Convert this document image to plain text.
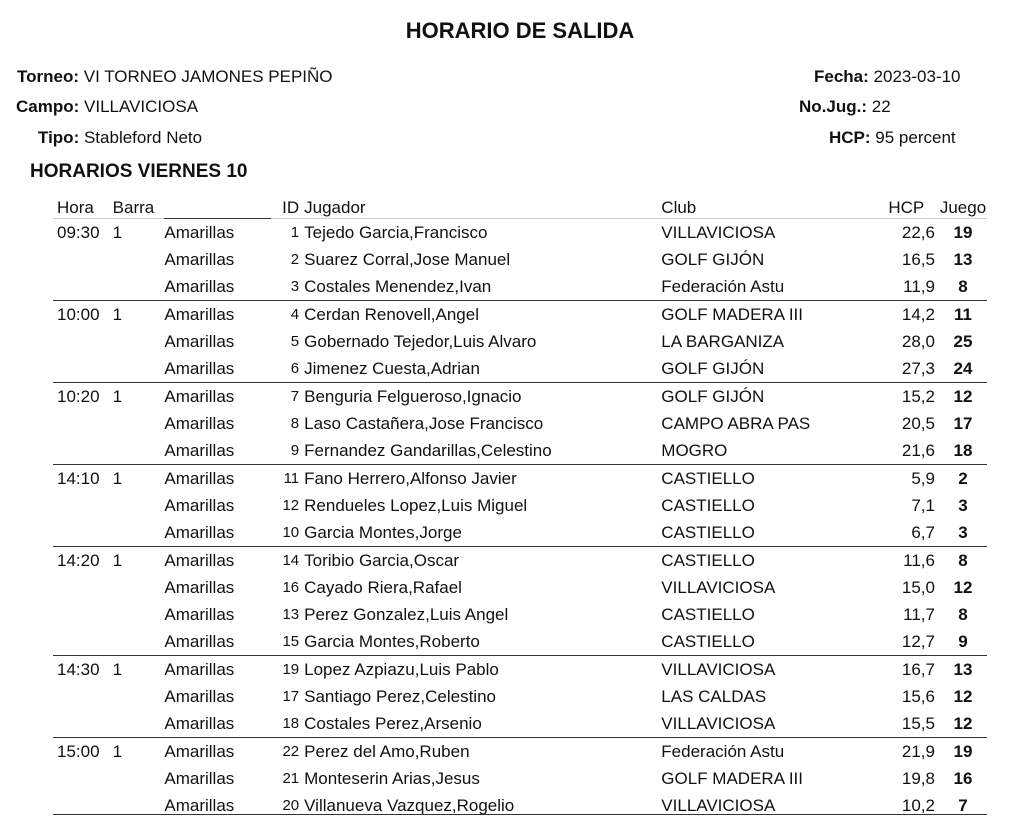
HORARIO DE SALIDA
Torneo: VI TORNEO JAMONES PEPIÑO
Campo: VILLAVICIOSA
Tipo: Stableford Neto
Fecha: 2023-03-10
No.Jug.: 22
HCP: 95 percent
HORARIOS VIERNES 10
Hora	Barra		ID	Jugador	Club	HCP	Juego
09:30	1	Amarillas	1	Tejedo Garcia,Francisco	VILLAVICIOSA	22,6	19
		Amarillas	2	Suarez Corral,Jose Manuel	GOLF GIJÓN	16,5	13
		Amarillas	3	Costales Menendez,Ivan	Federación Astu	11,9	8
10:00	1	Amarillas	4	Cerdan Renovell,Angel	GOLF MADERA III	14,2	11
		Amarillas	5	Gobernado Tejedor,Luis Alvaro	LA BARGANIZA	28,0	25
		Amarillas	6	Jimenez Cuesta,Adrian	GOLF GIJÓN	27,3	24
10:20	1	Amarillas	7	Benguria Felgueroso,Ignacio	GOLF GIJÓN	15,2	12
		Amarillas	8	Laso Castañera,Jose Francisco	CAMPO ABRA PAS	20,5	17
		Amarillas	9	Fernandez Gandarillas,Celestino	MOGRO	21,6	18
14:10	1	Amarillas	11	Fano Herrero,Alfonso Javier	CASTIELLO	5,9	2
		Amarillas	12	Rendueles Lopez,Luis Miguel	CASTIELLO	7,1	3
		Amarillas	10	Garcia Montes,Jorge	CASTIELLO	6,7	3
14:20	1	Amarillas	14	Toribio Garcia,Oscar	CASTIELLO	11,6	8
		Amarillas	16	Cayado Riera,Rafael	VILLAVICIOSA	15,0	12
		Amarillas	13	Perez Gonzalez,Luis Angel	CASTIELLO	11,7	8
		Amarillas	15	Garcia Montes,Roberto	CASTIELLO	12,7	9
14:30	1	Amarillas	19	Lopez Azpiazu,Luis Pablo	VILLAVICIOSA	16,7	13
		Amarillas	17	Santiago Perez,Celestino	LAS CALDAS	15,6	12
		Amarillas	18	Costales Perez,Arsenio	VILLAVICIOSA	15,5	12
15:00	1	Amarillas	22	Perez del Amo,Ruben	Federación Astu	21,9	19
		Amarillas	21	Monteserin Arias,Jesus	GOLF MADERA III	19,8	16
		Amarillas	20	Villanueva Vazquez,Rogelio	VILLAVICIOSA	10,2	7
